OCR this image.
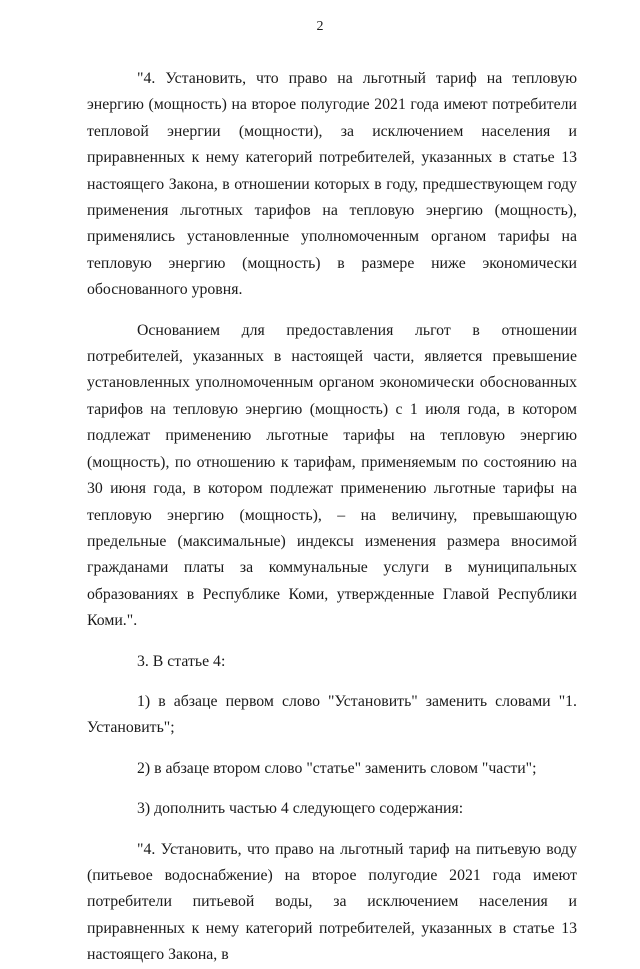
2

"4. Установить, что право на льготный тариф на тепловую энергию (мощность) на второе полугодие 2021 года имеют потребители тепловой энергии (мощности), за исключением населения и приравненных к нему категорий потребителей, указанных в статье 13 настоящего Закона, в отношении которых в году, предшествующем году применения льготных тарифов на тепловую энергию (мощность), применялись установленные уполномоченным органом тарифы на тепловую энергию (мощность) в размере ниже экономически обоснованного уровня.

Основанием для предоставления льгот в отношении потребителей, указанных в настоящей части, является превышение установленных уполномоченным органом экономически обоснованных тарифов на тепловую энергию (мощность) с 1 июля года, в котором подлежат применению льготные тарифы на тепловую энергию (мощность), по отношению к тарифам, применяемым по состоянию на 30 июня года, в котором подлежат применению льготные тарифы на тепловую энергию (мощность), – на величину, превышающую предельные (максимальные) индексы изменения размера вносимой гражданами платы за коммунальные услуги в муниципальных образованиях в Республике Коми, утвержденные Главой Республики Коми.".

3. В статье 4:

1) в абзаце первом слово "Установить" заменить словами "1. Установить";

2) в абзаце втором слово "статье" заменить словом "части";

3) дополнить частью 4 следующего содержания:

"4. Установить, что право на льготный тариф на питьевую воду (питьевое водоснабжение) на второе полугодие 2021 года имеют потребители питьевой воды, за исключением населения и приравненных к нему категорий потребителей, указанных в статье 13 настоящего Закона, в
